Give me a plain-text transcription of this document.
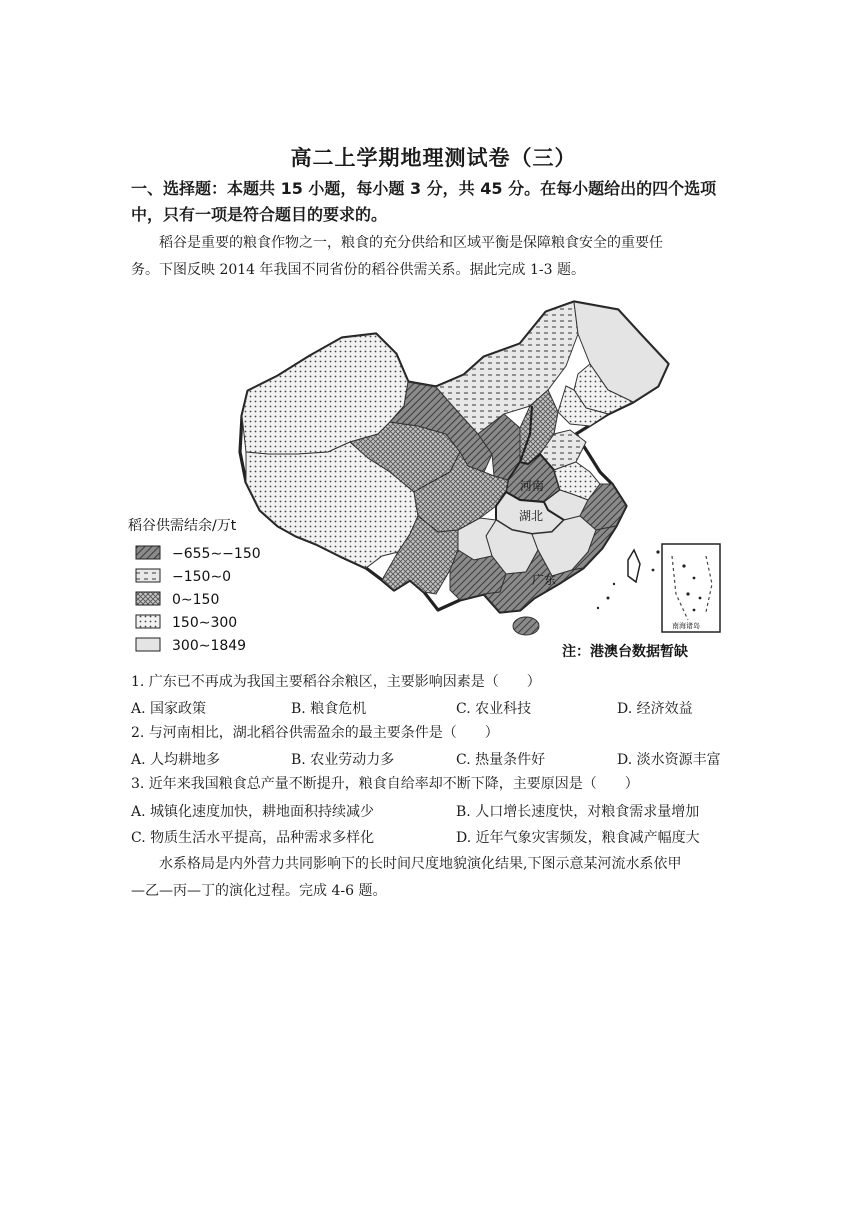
高二上学期地理测试卷（三）
一、选择题：本题共 15 小题，每小题 3 分，共 45 分。在每小题给出的四个选项
中，只有一项是符合题目的要求的。
稻谷是重要的粮食作物之一，粮食的充分供给和区域平衡是保障粮食安全的重要任
务。下图反映 2014 年我国不同省份的稻谷供需关系。据此完成 1-3 题。
河南
湖北
广东
南海诸岛
稻谷供需结余/万t
−655∼−150
−150∼0
0∼150
150∼300
300∼1849	注：港澳台数据暂缺
1. 广东已不再成为我国主要稻谷余粮区，主要影响因素是（　　）
A. 国家政策	B. 粮食危机	C. 农业科技	D. 经济效益
2. 与河南相比，湖北稻谷供需盈余的最主要条件是（　　）
A. 人均耕地多	B. 农业劳动力多	C. 热量条件好	D. 淡水资源丰富
3. 近年来我国粮食总产量不断提升，粮食自给率却不断下降，主要原因是（　　）
A. 城镇化速度加快，耕地面积持续减少	B. 人口增长速度快，对粮食需求量增加
C. 物质生活水平提高，品种需求多样化	D. 近年气象灾害频发，粮食减产幅度大
水系格局是内外营力共同影响下的长时间尺度地貌演化结果,下图示意某河流水系依甲
—乙—丙—丁的演化过程。完成 4-6 题。
